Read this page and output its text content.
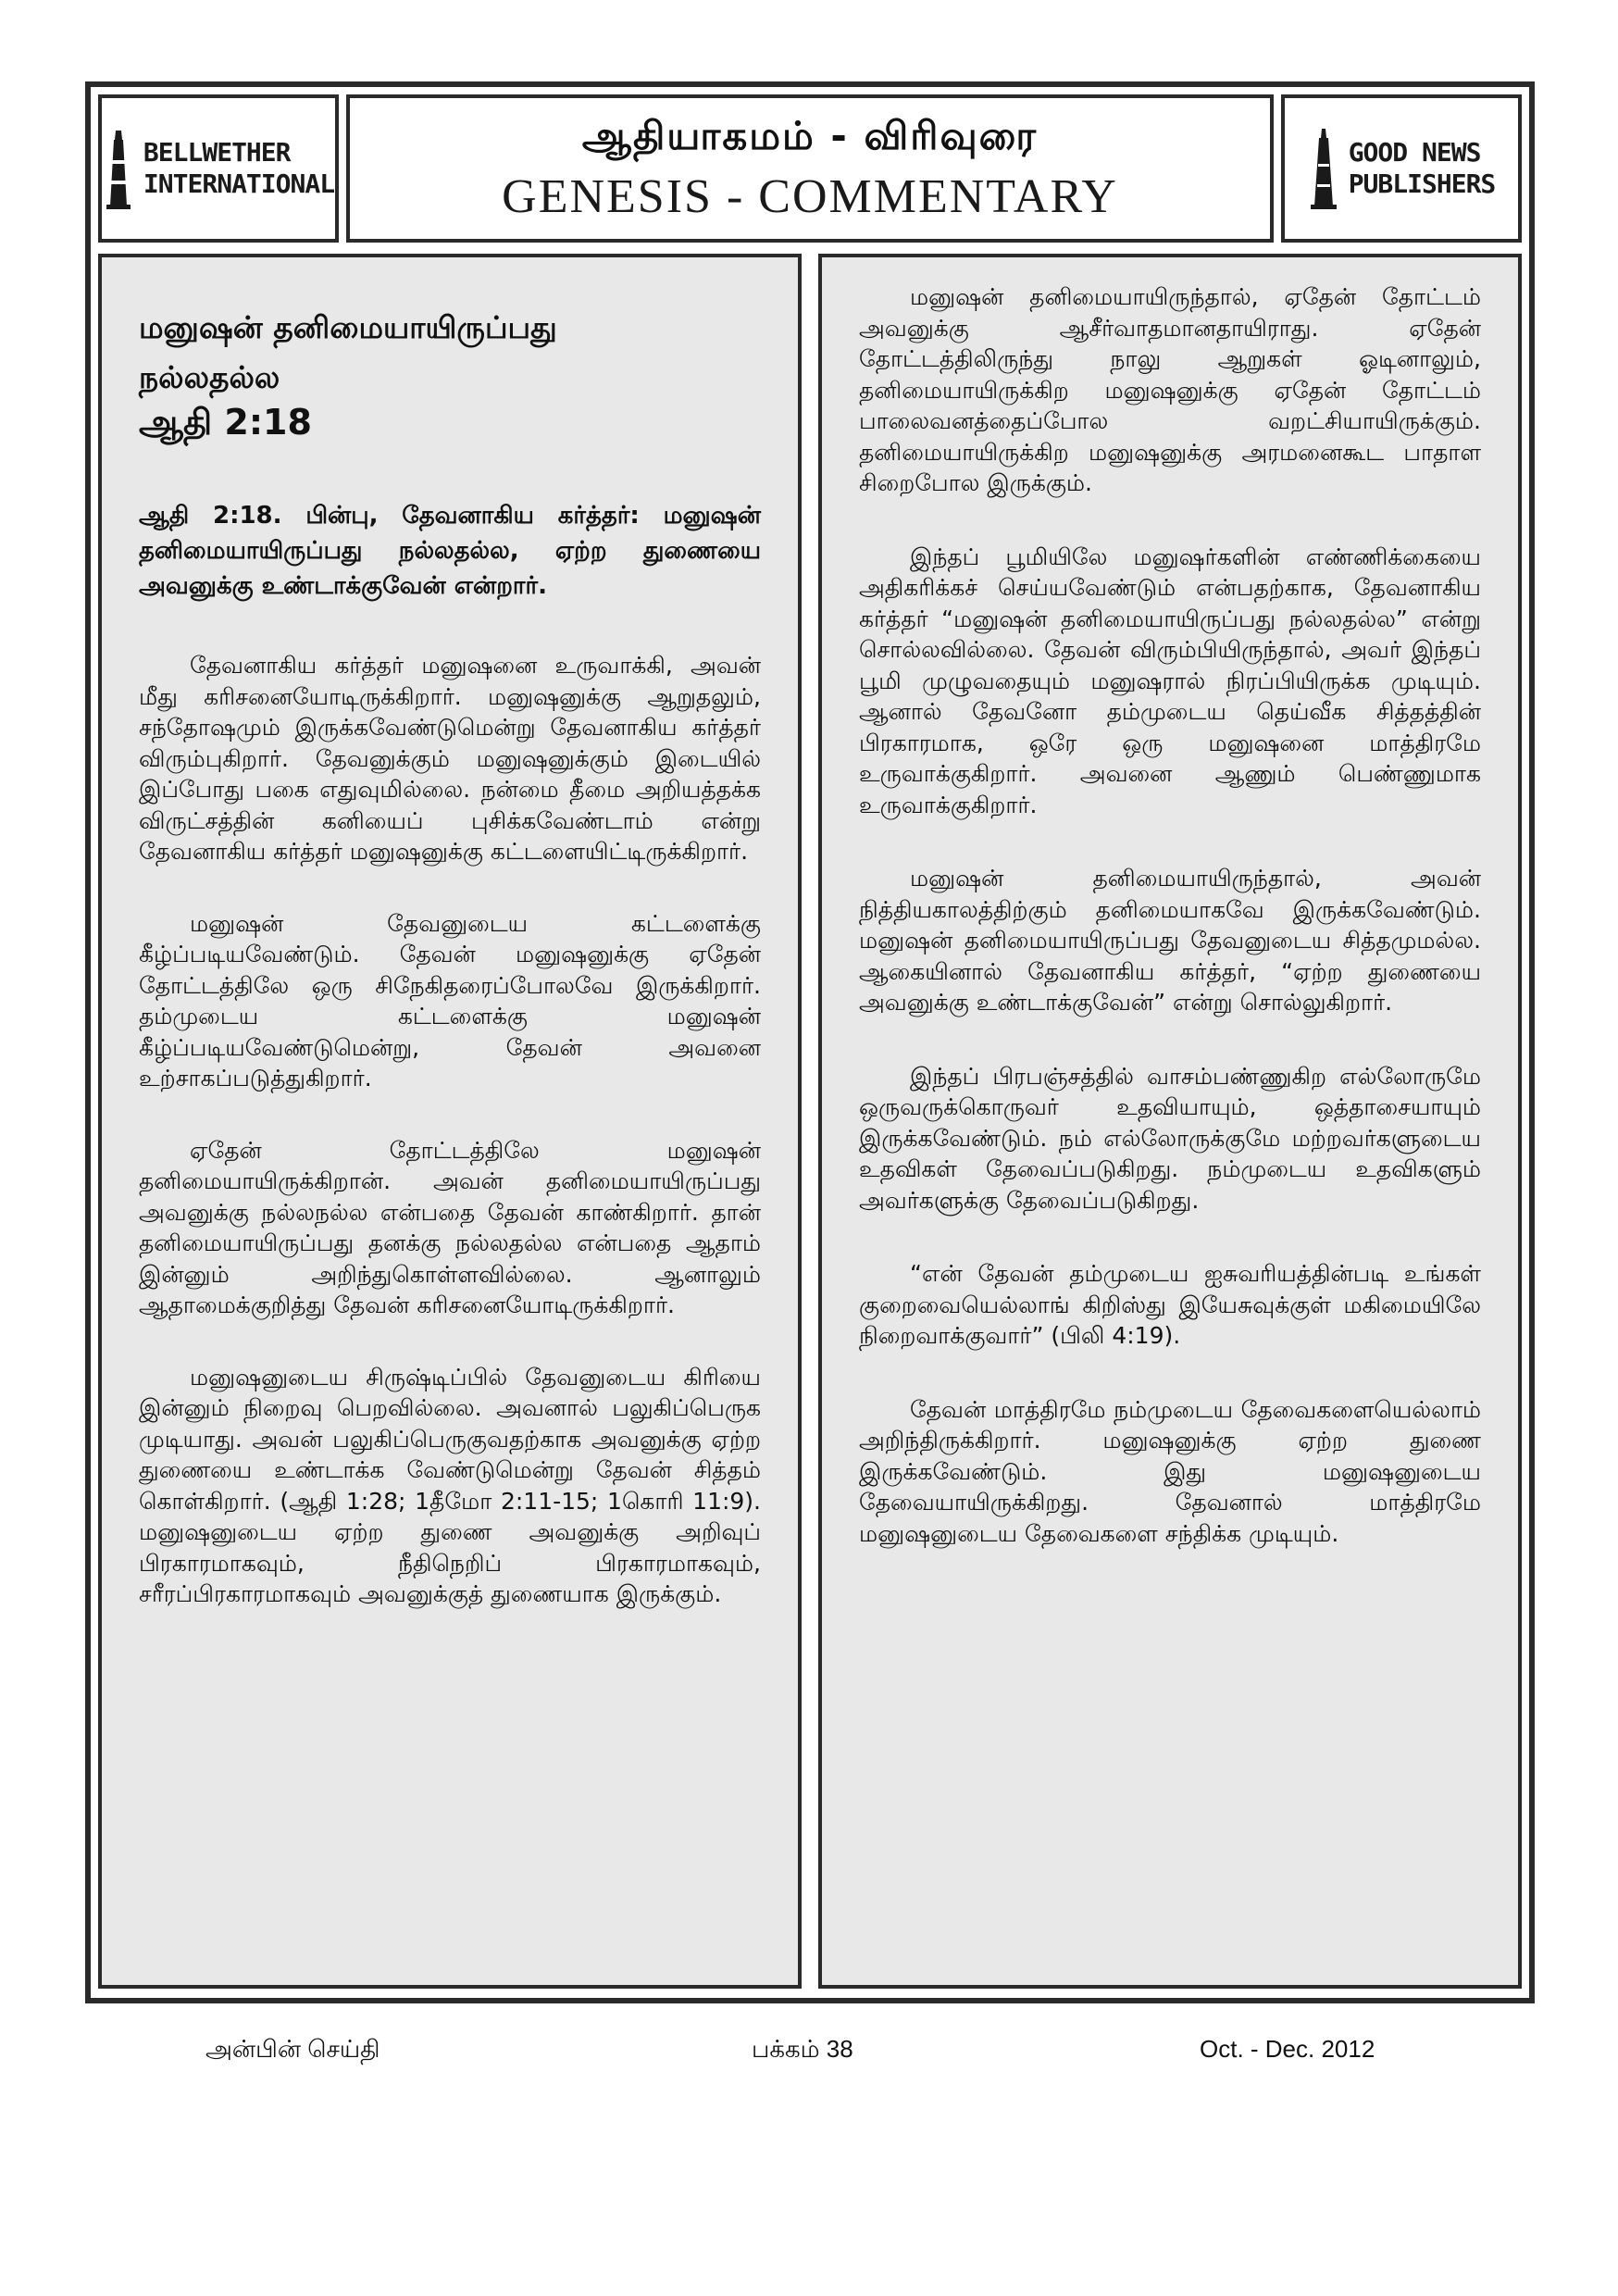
BELLWETHER
INTERNATIONAL
ஆதியாகமம் - விரிவுரை
GENESIS - COMMENTARY
GOOD NEWS
PUBLISHERS
மனுஷன் தனிமையாயிருப்பது
நல்லதல்ல
ஆதி 2:18
ஆதி 2:18. பின்பு, தேவனாகிய கர்த்தர்: மனுஷன் தனிமையாயிருப்பது நல்லதல்ல, ஏற்ற துணையை அவனுக்கு உண்டாக்குவேன் என்றார்.

தேவனாகிய கர்த்தர் மனுஷனை உருவாக்கி, அவன் மீது கரிசனையோடிருக்கிறார். மனுஷனுக்கு ஆறுதலும், சந்தோஷமும் இருக்கவேண்டுமென்று தேவனாகிய கர்த்தர் விரும்புகிறார். தேவனுக்கும் மனுஷனுக்கும் இடையில் இப்போது பகை எதுவுமில்லை. நன்மை தீமை அறியத்தக்க விருட்சத்தின் கனியைப் புசிக்கவேண்டாம் என்று தேவனாகிய கர்த்தர் மனுஷனுக்கு கட்டளையிட்டிருக்கிறார்.

மனுஷன் தேவனுடைய கட்டளைக்கு கீழ்ப்படியவேண்டும். தேவன் மனுஷனுக்கு ஏதேன் தோட்டத்திலே ஒரு சிநேகிதரைப்போலவே இருக்கிறார். தம்முடைய கட்டளைக்கு மனுஷன் கீழ்ப்படியவேண்டுமென்று, தேவன் அவனை உற்சாகப்படுத்துகிறார்.

ஏதேன் தோட்டத்திலே மனுஷன் தனிமையாயிருக்கிறான். அவன் தனிமையாயிருப்பது அவனுக்கு நல்லநல்ல என்பதை தேவன் காண்கிறார். தான் தனிமையாயிருப்பது தனக்கு நல்லதல்ல என்பதை ஆதாம் இன்னும் அறிந்துகொள்ளவில்லை. ஆனாலும் ஆதாமைக்குறித்து தேவன் கரிசனையோடிருக்கிறார்.

மனுஷனுடைய சிருஷ்டிப்பில் தேவனுடைய கிரியை இன்னும் நிறைவு பெறவில்லை. அவனால் பலுகிப்பெருக முடியாது. அவன் பலுகிப்பெருகுவதற்காக அவனுக்கு ஏற்ற துணையை உண்டாக்க வேண்டுமென்று தேவன் சித்தம் கொள்கிறார். (ஆதி 1:28; 1தீமோ 2:11-15; 1கொரி 11:9). மனுஷனுடைய ஏற்ற துணை அவனுக்கு அறிவுப் பிரகாரமாகவும், நீதிநெறிப் பிரகாரமாகவும், சரீரப்பிரகாரமாகவும் அவனுக்குத் துணையாக இருக்கும்.

மனுஷன் தனிமையாயிருந்தால், ஏதேன் தோட்டம் அவனுக்கு ஆசீர்வாதமானதாயிராது. ஏதேன் தோட்டத்திலிருந்து நாலு ஆறுகள் ஓடினாலும், தனிமையாயிருக்கிற மனுஷனுக்கு ஏதேன் தோட்டம் பாலைவனத்தைப்போல வறட்சியாயிருக்கும். தனிமையாயிருக்கிற மனுஷனுக்கு அரமனைகூட பாதாள சிறைபோல இருக்கும்.

இந்தப் பூமியிலே மனுஷர்களின் எண்ணிக்கையை அதிகரிக்கச் செய்யவேண்டும் என்பதற்காக, தேவனாகிய கர்த்தர் “மனுஷன் தனிமையாயிருப்பது நல்லதல்ல” என்று சொல்லவில்லை. தேவன் விரும்பியிருந்தால், அவர் இந்தப் பூமி முழுவதையும் மனுஷரால் நிரப்பியிருக்க முடியும். ஆனால் தேவனோ தம்முடைய தெய்வீக சித்தத்தின் பிரகாரமாக, ஒரே ஒரு மனுஷனை மாத்திரமே உருவாக்குகிறார். அவனை ஆணும் பெண்ணுமாக உருவாக்குகிறார்.

மனுஷன் தனிமையாயிருந்தால், அவன் நித்தியகாலத்திற்கும் தனிமையாகவே இருக்கவேண்டும். மனுஷன் தனிமையாயிருப்பது தேவனுடைய சித்தமுமல்ல. ஆகையினால் தேவனாகிய கர்த்தர், “ஏற்ற துணையை அவனுக்கு உண்டாக்குவேன்” என்று சொல்லுகிறார்.

இந்தப் பிரபஞ்சத்தில் வாசம்பண்ணுகிற எல்லோருமே ஒருவருக்கொருவர் உதவியாயும், ஒத்தாசையாயும் இருக்கவேண்டும். நம் எல்லோருக்குமே மற்றவர்களுடைய உதவிகள் தேவைப்படுகிறது. நம்முடைய உதவிகளும் அவர்களுக்கு தேவைப்படுகிறது.

“என் தேவன் தம்முடைய ஐசுவரியத்தின்படி உங்கள் குறைவையெல்லாங் கிறிஸ்து இயேசுவுக்குள் மகிமையிலே நிறைவாக்குவார்” (பிலி 4:19).

தேவன் மாத்திரமே நம்முடைய தேவைகளையெல்லாம் அறிந்திருக்கிறார். மனுஷனுக்கு ஏற்ற துணை இருக்கவேண்டும். இது மனுஷனுடைய தேவையாயிருக்கிறது. தேவனால் மாத்திரமே மனுஷனுடைய தேவைகளை சந்திக்க முடியும்.

அன்பின் செய்தி	பக்கம் 38	Oct. - Dec. 2012
